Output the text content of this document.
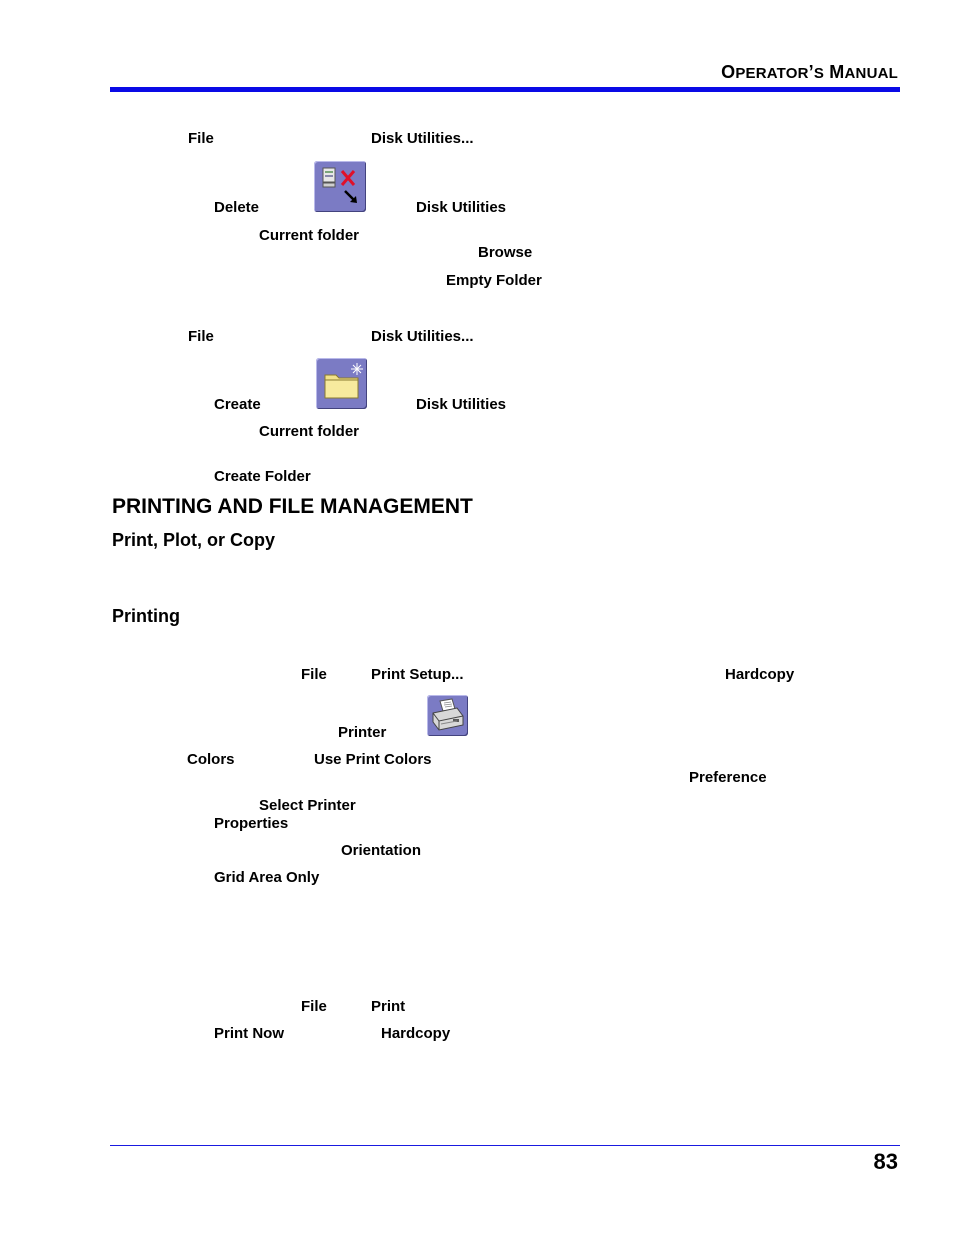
OPERATOR’S MANUAL
File	Disk Utilities...
Delete	Disk Utilities
Current folder
Browse
Empty Folder
File	Disk Utilities...
Create	Disk Utilities
Current folder
Create Folder
PRINTING AND FILE MANAGEMENT
Print, Plot, or Copy
Printing
File	Print Setup...	Hardcopy
Printer
Colors	Use Print Colors
Preference
Select Printer
Properties
Orientation
Grid Area Only
File	Print
Print Now	Hardcopy
83
